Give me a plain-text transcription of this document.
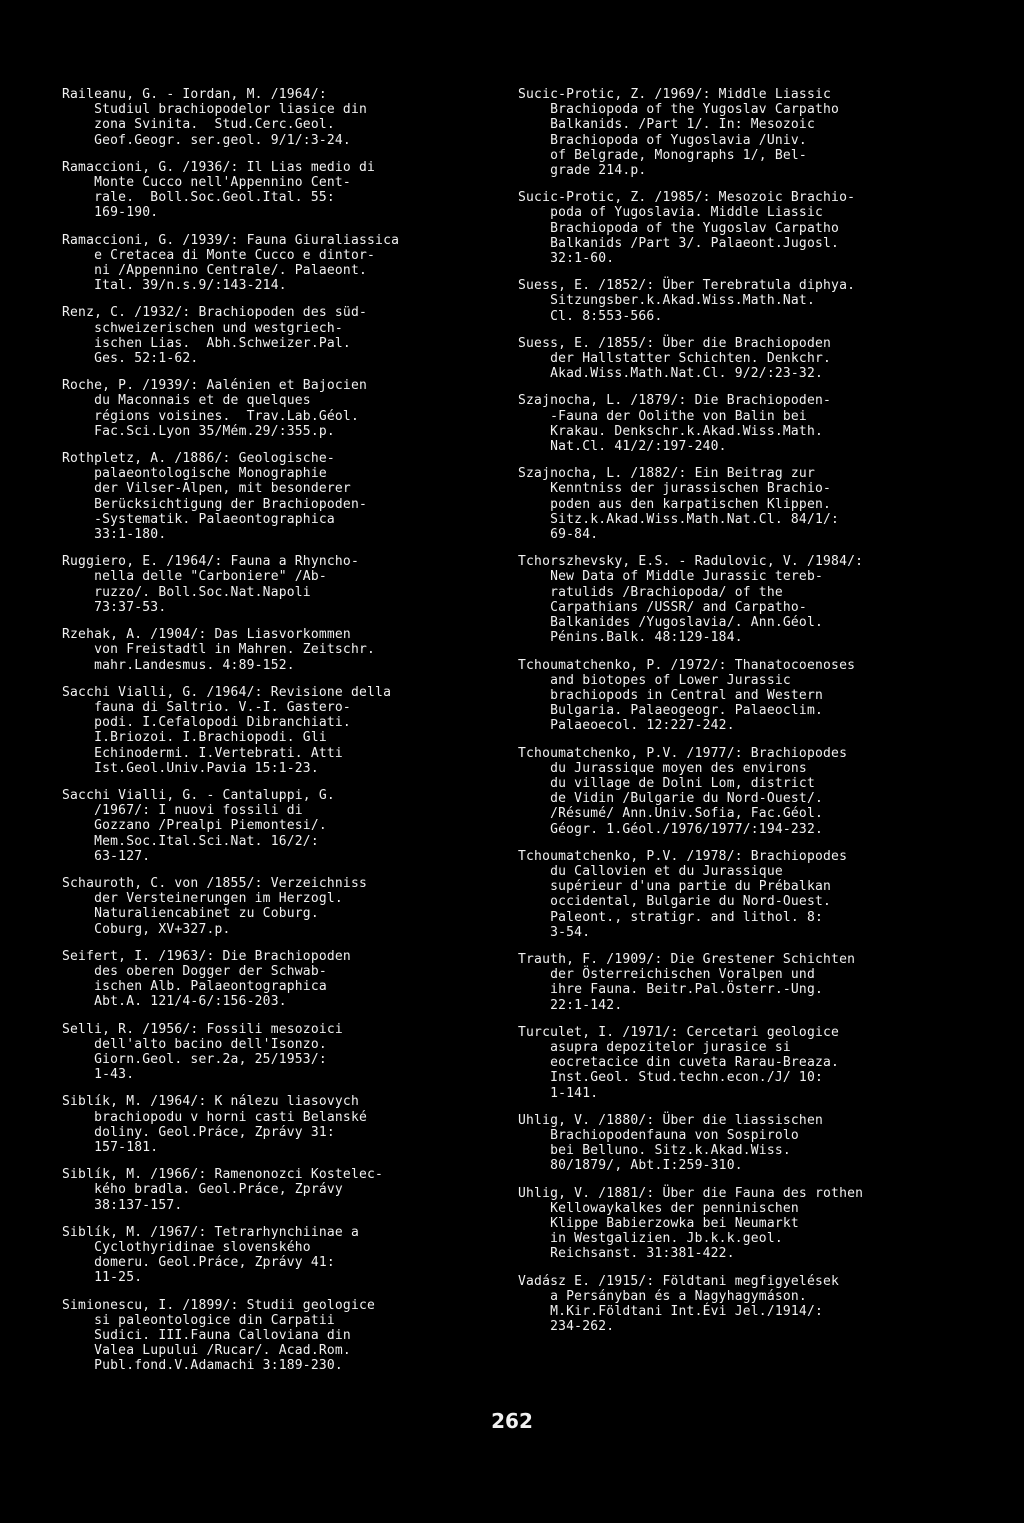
Raileanu, G. - Iordan, M. /1964/:
Studiul brachiopodelor liasice din
zona Svinita.  Stud.Cerc.Geol.
Geof.Geogr. ser.geol. 9/1/:3-24.
Ramaccioni, G. /1936/: Il Lias medio di
Monte Cucco nell'Appennino Cent-
rale.  Boll.Soc.Geol.Ital. 55:
169-190.
Ramaccioni, G. /1939/: Fauna Giuraliassica
e Cretacea di Monte Cucco e dintor-
ni /Appennino Centrale/. Palaeont.
Ital. 39/n.s.9/:143-214.
Renz, C. /1932/: Brachiopoden des süd-
schweizerischen und westgriech-
ischen Lias.  Abh.Schweizer.Pal.
Ges. 52:1-62.
Roche, P. /1939/: Aalénien et Bajocien
du Maconnais et de quelques
régions voisines.  Trav.Lab.Géol.
Fac.Sci.Lyon 35/Mém.29/:355.p.
Rothpletz, A. /1886/: Geologische-
palaeontologische Monographie
der Vilser-Alpen, mit besonderer
Berücksichtigung der Brachiopoden-
-Systematik. Palaeontographica
33:1-180.
Ruggiero, E. /1964/: Fauna a Rhyncho-
nella delle "Carboniere" /Ab-
ruzzo/. Boll.Soc.Nat.Napoli
73:37-53.
Rzehak, A. /1904/: Das Liasvorkommen
von Freistadtl in Mahren. Zeitschr.
mahr.Landesmus. 4:89-152.
Sacchi Vialli, G. /1964/: Revisione della
fauna di Saltrio. V.-I. Gastero-
podi. I.Cefalopodi Dibranchiati.
I.Briozoi. I.Brachiopodi. Gli
Echinodermi. I.Vertebrati. Atti
Ist.Geol.Univ.Pavia 15:1-23.
Sacchi Vialli, G. - Cantaluppi, G.
/1967/: I nuovi fossili di
Gozzano /Prealpi Piemontesi/.
Mem.Soc.Ital.Sci.Nat. 16/2/:
63-127.
Schauroth, C. von /1855/: Verzeichniss
der Versteinerungen im Herzogl.
Naturaliencabinet zu Coburg.
Coburg, XV+327.p.
Seifert, I. /1963/: Die Brachiopoden
des oberen Dogger der Schwab-
ischen Alb. Palaeontographica
Abt.A. 121/4-6/:156-203.
Selli, R. /1956/: Fossili mesozoici
dell'alto bacino dell'Isonzo.
Giorn.Geol. ser.2a, 25/1953/:
1-43.
Siblík, M. /1964/: K nálezu liasovych
brachiopodu v horni casti Belanské
doliny. Geol.Práce, Zprávy 31:
157-181.
Siblík, M. /1966/: Ramenonozci Kostelec-
kého bradla. Geol.Práce, Zprávy
38:137-157.
Siblík, M. /1967/: Tetrarhynchiinae a
Cyclothyridinae slovenského
domeru. Geol.Práce, Zprávy 41:
11-25.
Simionescu, I. /1899/: Studii geologice
si paleontologice din Carpatii
Sudici. III.Fauna Calloviana din
Valea Lupului /Rucar/. Acad.Rom.
Publ.fond.V.Adamachi 3:189-230.
Sucic-Protic, Z. /1969/: Middle Liassic
Brachiopoda of the Yugoslav Carpatho
Balkanids. /Part 1/. In: Mesozoic
Brachiopoda of Yugoslavia /Univ.
of Belgrade, Monographs 1/, Bel-
grade 214.p.
Sucic-Protic, Z. /1985/: Mesozoic Brachio-
poda of Yugoslavia. Middle Liassic
Brachiopoda of the Yugoslav Carpatho
Balkanids /Part 3/. Palaeont.Jugosl.
32:1-60.
Suess, E. /1852/: Über Terebratula diphya.
Sitzungsber.k.Akad.Wiss.Math.Nat.
Cl. 8:553-566.
Suess, E. /1855/: Über die Brachiopoden
der Hallstatter Schichten. Denkchr.
Akad.Wiss.Math.Nat.Cl. 9/2/:23-32.
Szajnocha, L. /1879/: Die Brachiopoden-
-Fauna der Oolithe von Balin bei
Krakau. Denkschr.k.Akad.Wiss.Math.
Nat.Cl. 41/2/:197-240.
Szajnocha, L. /1882/: Ein Beitrag zur
Kenntniss der jurassischen Brachio-
poden aus den karpatischen Klippen.
Sitz.k.Akad.Wiss.Math.Nat.Cl. 84/1/:
69-84.
Tchorszhevsky, E.S. - Radulovic, V. /1984/:
New Data of Middle Jurassic tereb-
ratulids /Brachiopoda/ of the
Carpathians /USSR/ and Carpatho-
Balkanides /Yugoslavia/. Ann.Géol.
Pénins.Balk. 48:129-184.
Tchoumatchenko, P. /1972/: Thanatocoenoses
and biotopes of Lower Jurassic
brachiopods in Central and Western
Bulgaria. Palaeogeogr. Palaeoclim.
Palaeoecol. 12:227-242.
Tchoumatchenko, P.V. /1977/: Brachiopodes
du Jurassique moyen des environs
du village de Dolni Lom, district
de Vidin /Bulgarie du Nord-Ouest/.
/Résumé/ Ann.Univ.Sofia, Fac.Géol.
Géogr. 1.Géol./1976/1977/:194-232.
Tchoumatchenko, P.V. /1978/: Brachiopodes
du Callovien et du Jurassique
supérieur d'una partie du Prébalkan
occidental, Bulgarie du Nord-Ouest.
Paleont., stratigr. and lithol. 8:
3-54.
Trauth, F. /1909/: Die Grestener Schichten
der Österreichischen Voralpen und
ihre Fauna. Beitr.Pal.Österr.-Ung.
22:1-142.
Turculet, I. /1971/: Cercetari geologice
asupra depozitelor jurasice si
eocretacice din cuveta Rarau-Breaza.
Inst.Geol. Stud.techn.econ./J/ 10:
1-141.
Uhlig, V. /1880/: Über die liassischen
Brachiopodenfauna von Sospirolo
bei Belluno. Sitz.k.Akad.Wiss.
80/1879/, Abt.I:259-310.
Uhlig, V. /1881/: Über die Fauna des rothen
Kellowaykalkes der penninischen
Klippe Babierzowka bei Neumarkt
in Westgalizien. Jb.k.k.geol.
Reichsanst. 31:381-422.
Vadász E. /1915/: Földtani megfigyelések
a Persányban és a Nagyhagymáson.
M.Kir.Földtani Int.Évi Jel./1914/:
234-262.
262
